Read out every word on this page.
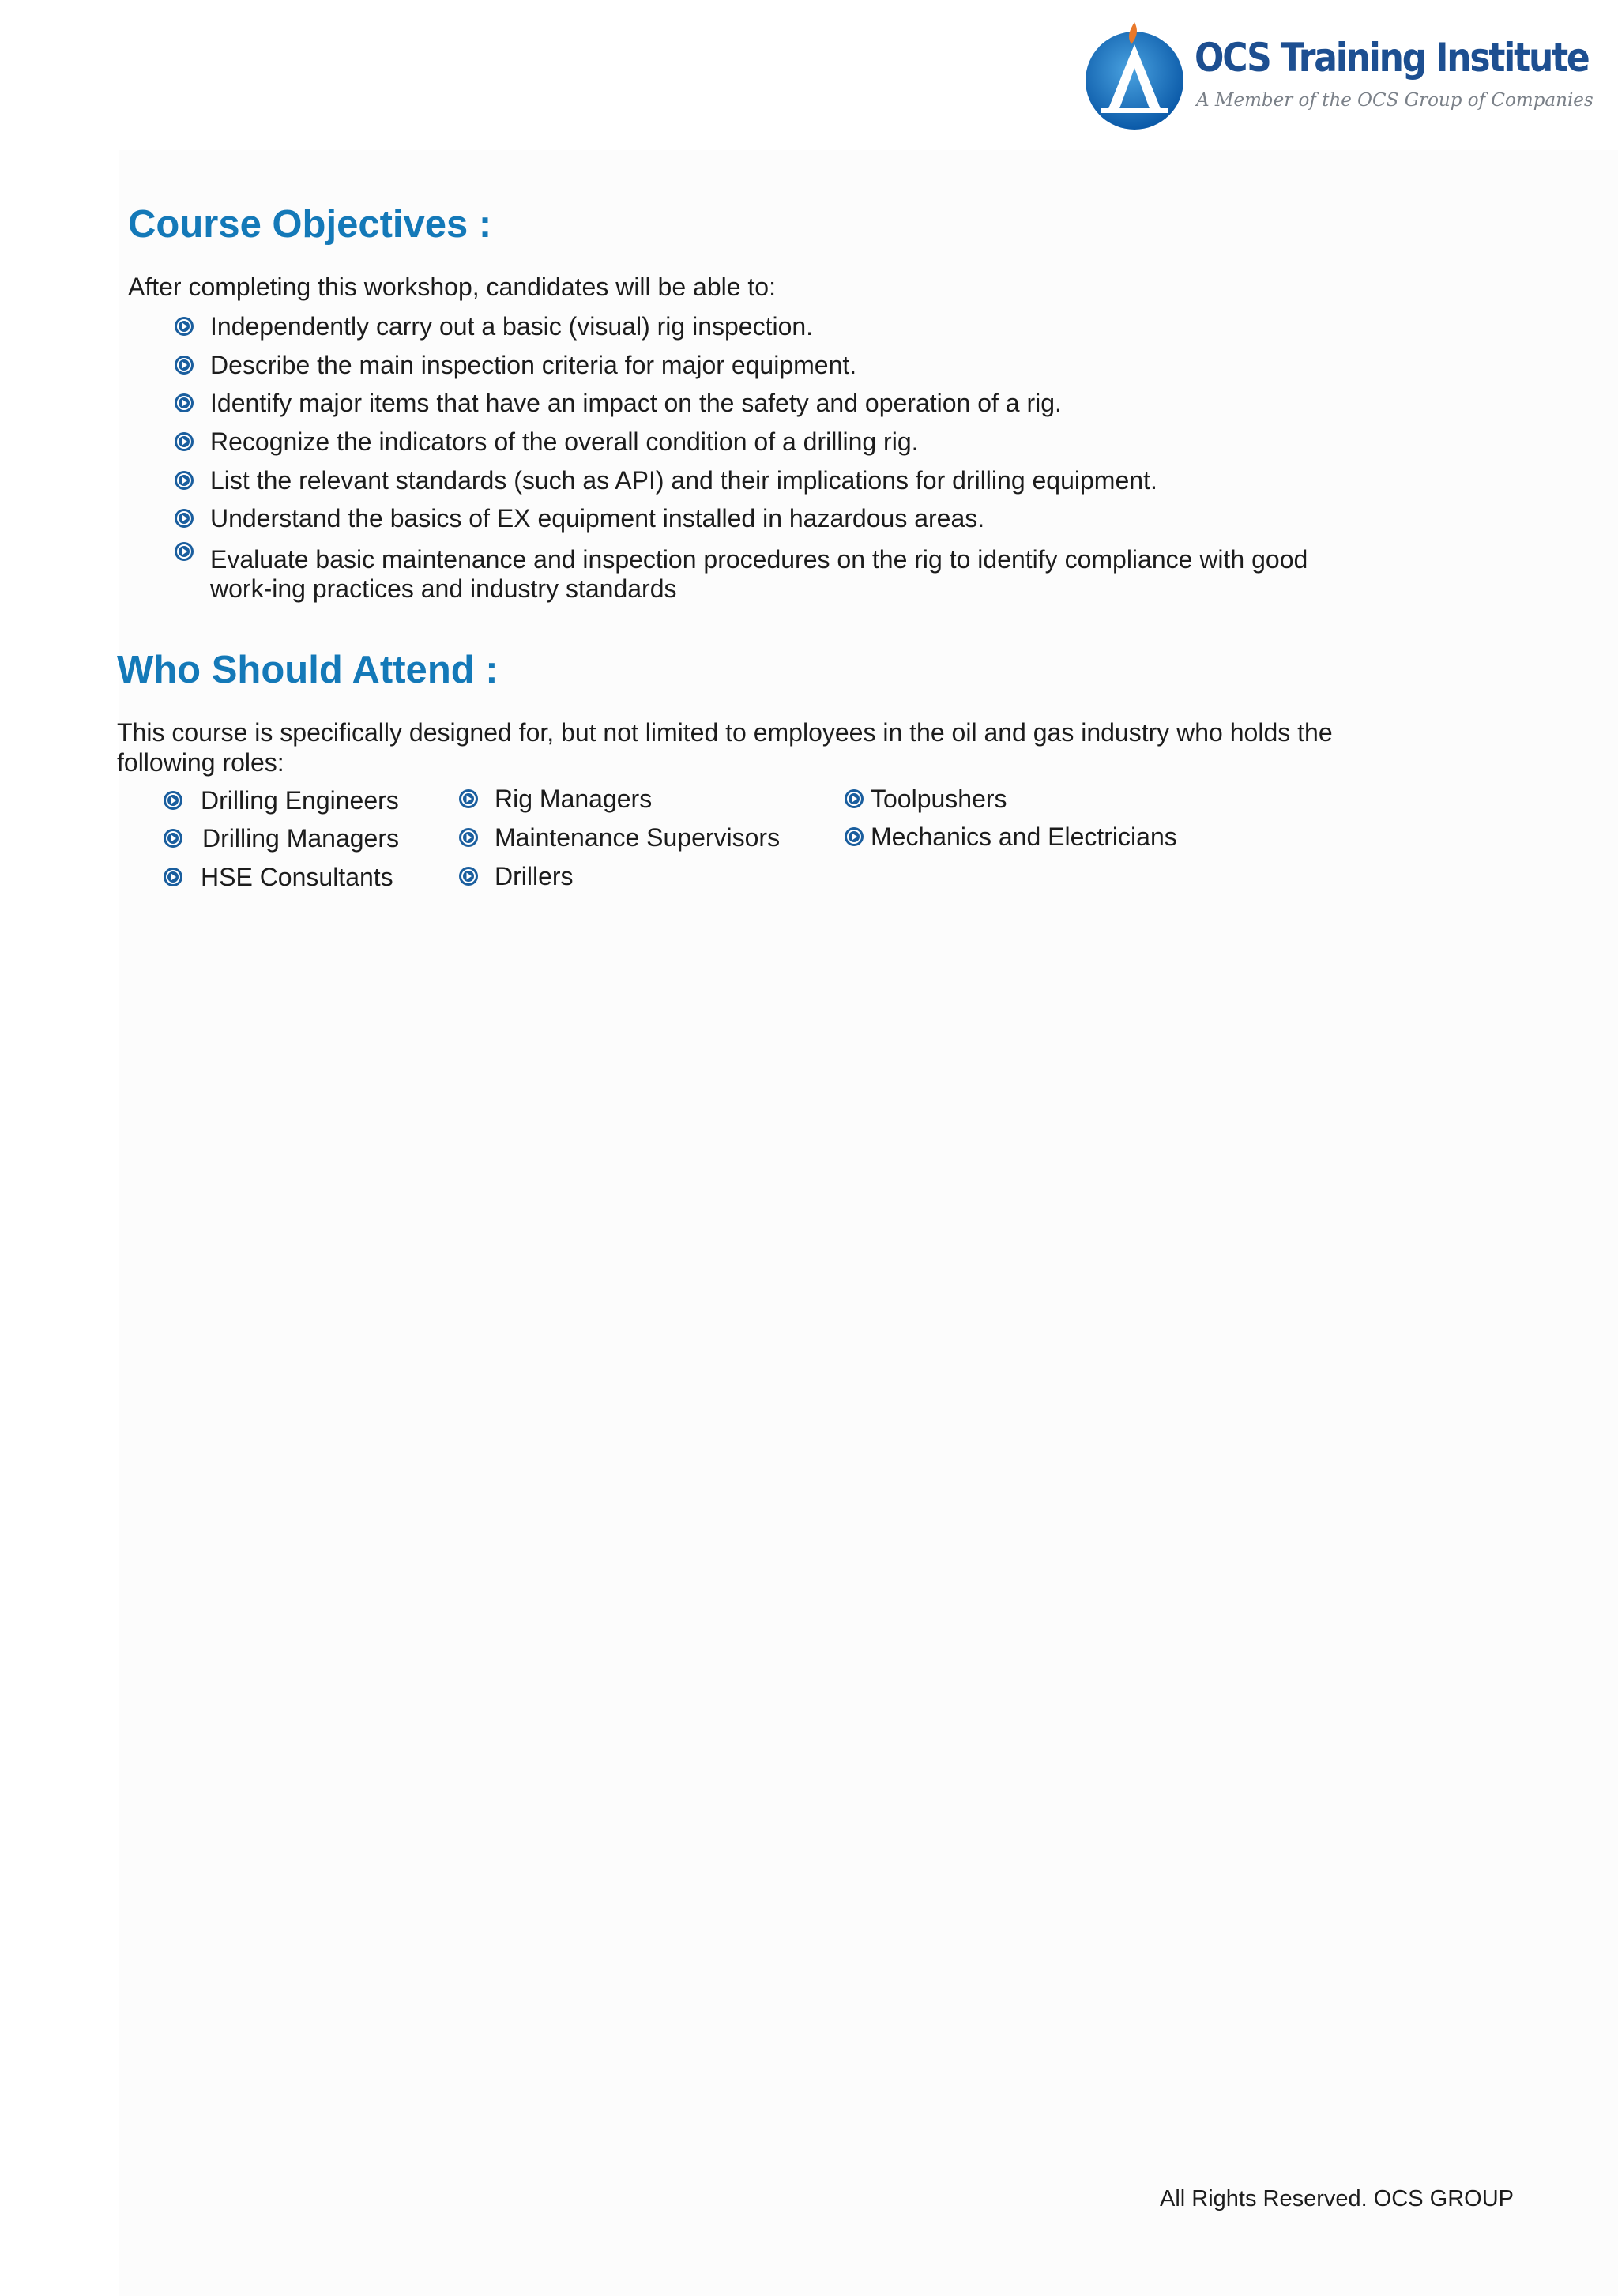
OCS Training Institute
A Member of the OCS Group of Companies
Course Objectives :

After completing this workshop, candidates will be able to:

Independently carry out a basic (visual) rig inspection.
Describe the main inspection criteria for major equipment.
Identify major items that have an impact on the safety and operation of a rig.
Recognize the indicators of the overall condition of a drilling rig.
List the relevant standards (such as API) and their implications for drilling equipment.
Understand the basics of EX equipment installed in hazardous areas.
Evaluate basic maintenance and inspection procedures on the rig to identify compliance with good
work-ing practices and industry standards
Who Should Attend :

This course is specifically designed for, but not limited to employees in the oil and gas industry who holds the

following roles:

Drilling Engineers	Rig Managers	Toolpushers
Drilling Managers	Maintenance Supervisors	Mechanics and Electricians
HSE Consultants	Drillers
All Rights Reserved. OCS GROUP
